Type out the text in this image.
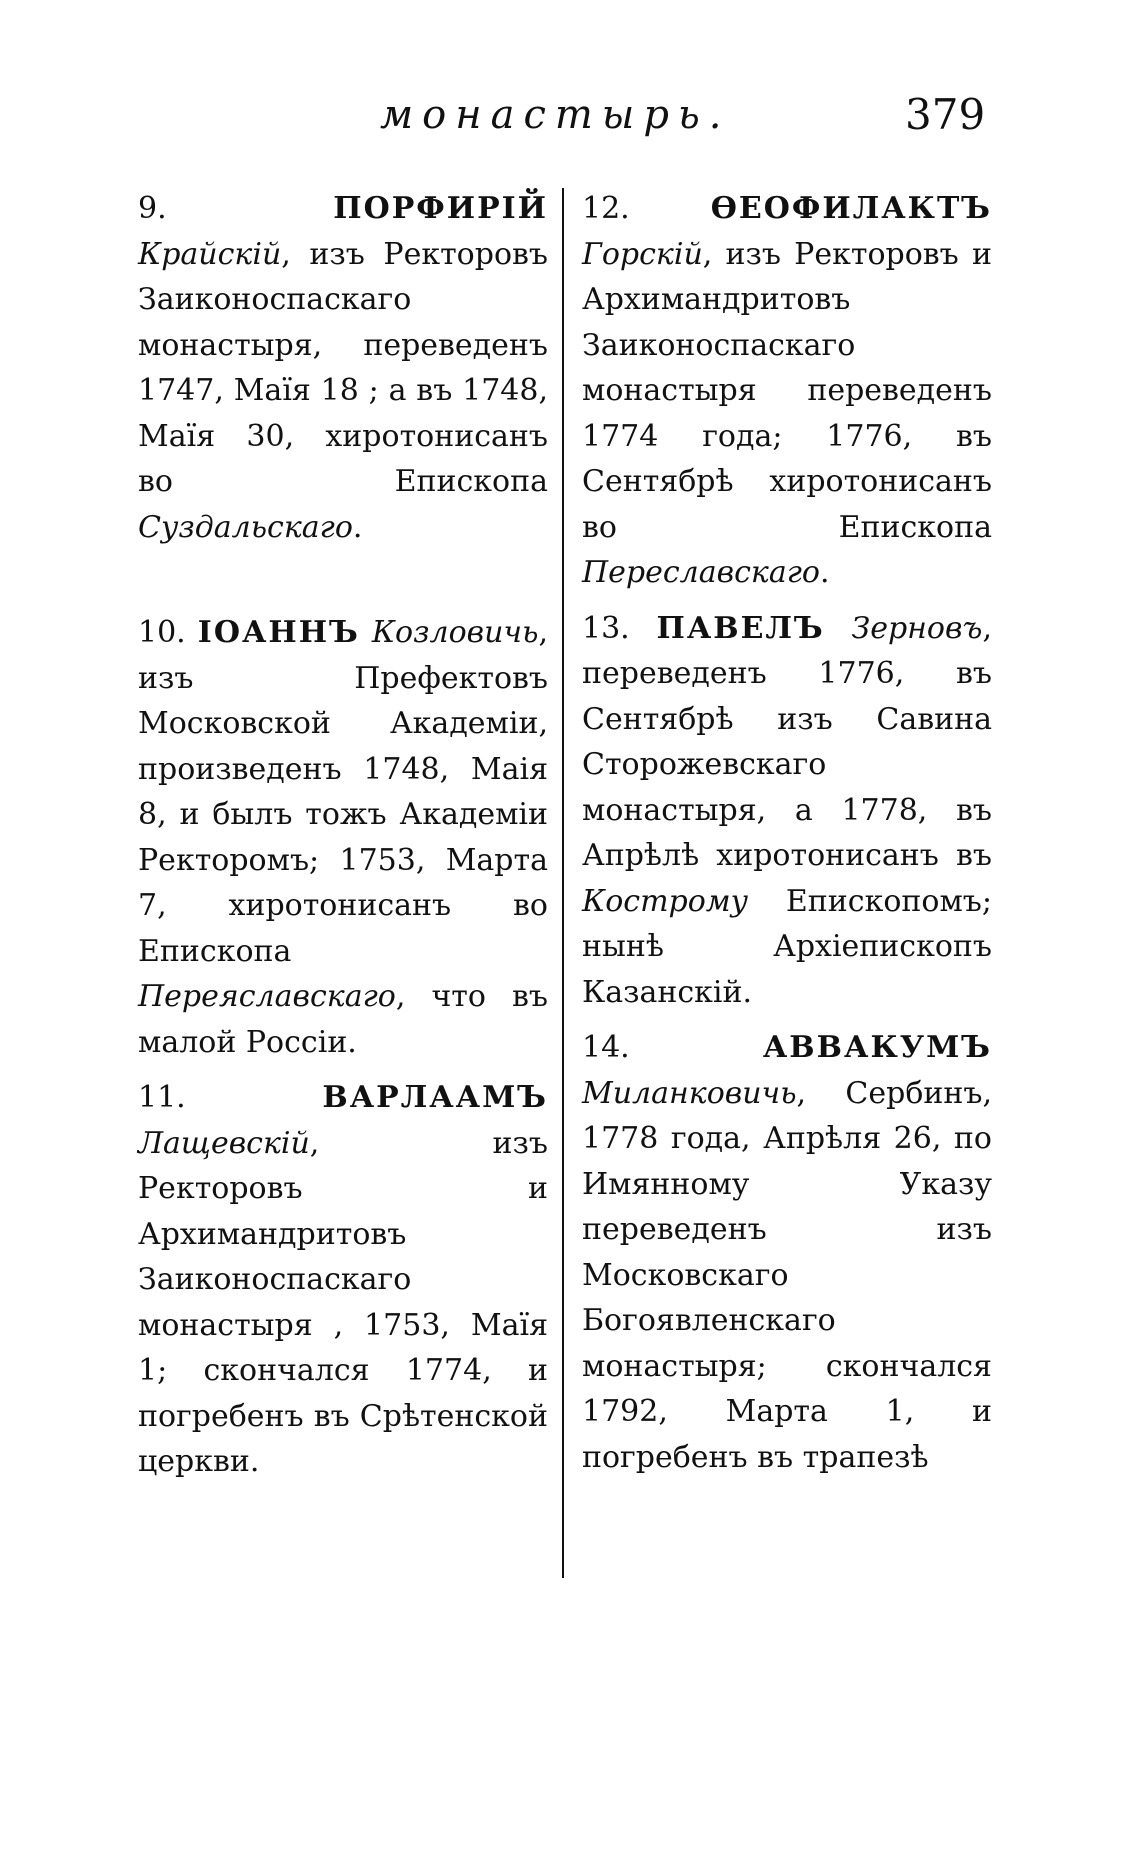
монастырь.	379

9.	ПОРФИРІЙ Крайскій, изъ Ректоровъ Заиконоспаскаго монастыря, переведенъ 1747, Маїя 18 ; а въ 1748, Маїя 30, хиротонисанъ во Епископа Суздальскаго.

10. ІОАННЪ Козловичь, изъ Префектовъ Московской Академіи, произведенъ 1748, Маія 8, и былъ тожъ Академіи Ректоромъ; 1753, Марта 7, хиротонисанъ во Епископа Переяславскаго, что въ малой Россіи.

11.	ВАРЛААМЪ Лащевскій, изъ Ректоровъ и Архимандритовъ Заиконоспаскаго монастыря , 1753, Маїя 1; скончался 1774, и погребенъ въ Срѣтенской церкви.

12.	ѲЕОФИЛАКТЪ Горскій, изъ Ректоровъ и Архимандритовъ Заиконоспаскаго монастыря переведенъ 1774 года; 1776, въ Сентябрѣ хиротонисанъ во Епископа Переславскаго.

13. ПАВЕЛЪ Зерновъ, переведенъ 1776, въ Сентябрѣ изъ Савина Сторожевскаго монастыря, а 1778, въ Апрѣлѣ хиротонисанъ въ Кострому Епископомъ; нынѣ Архіепископъ Казанскій.

14.	АВВАКУМЪ Миланковичь, Сербинъ, 1778 года, Апрѣля 26, по Имянному Указу переведенъ изъ Московскаго Богоявленскаго монастыря; скончался 1792, Марта 1, и погребенъ въ трапезѣ
